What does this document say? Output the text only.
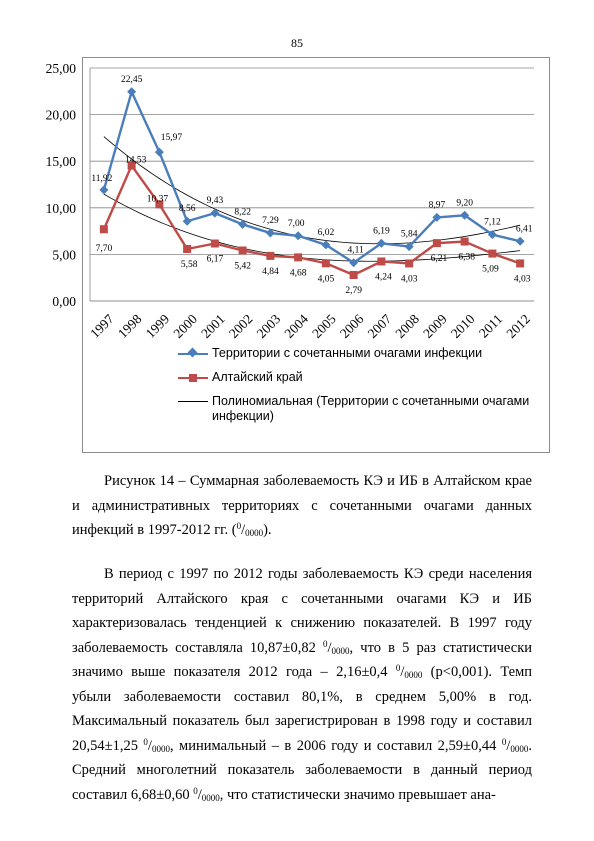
85
0,00
5,00
10,00
15,00
20,00
25,00
1997
1998
1999
2000
2001
2002
2003
2004
2005
2006
2007
2008
2009
2010
2011
2012
11,92
22,45
15,97
8,56
9,43
8,22
7,29 7,00
6,02
4,11
6,19 5,84
8,97 9,20
7,12
6,41
7,70
14,53
10,37
5,58
6,17
5,42
4,84 4,68
4,05
2,79
4,24 4,03
6,21 6,38
5,09
4,03
Территории с сочетанными очагами инфекции
Алтайский край
Полиномиальная (Территории с сочетанными очагами инфекции)
Рисунок 14 – Суммарная заболеваемость КЭ и ИБ в Алтайском крае и административных территориях с сочетанными очагами данных инфекций в 1997-2012 гг. $(^0/_{0000})$.
В период с 1997 по 2012 годы заболеваемость КЭ среди населения территорий Алтайского края с сочетанными очагами КЭ и ИБ характеризовалась тенденцией к снижению показателей. В 1997 году заболеваемость составляла 10,87±0,82 $^0/_{0000}$, что в 5 раз статистически значимо выше показателя 2012 года – 2,16±0,4 $^0/_{0000}$ (p<0,001). Темп убыли заболеваемости составил 80,1%, в среднем 5,00% в год. Максимальный показатель был зарегистрирован в 1998 году и составил 20,54±1,25 $^0/_{0000}$, минимальный – в 2006 году и составил 2,59±0,44 $^0/_{0000}$. Средний многолетний показатель заболеваемости в данный период составил 6,68±0,60 $^0/_{0000}$, что статистически значимо превышает ана-
